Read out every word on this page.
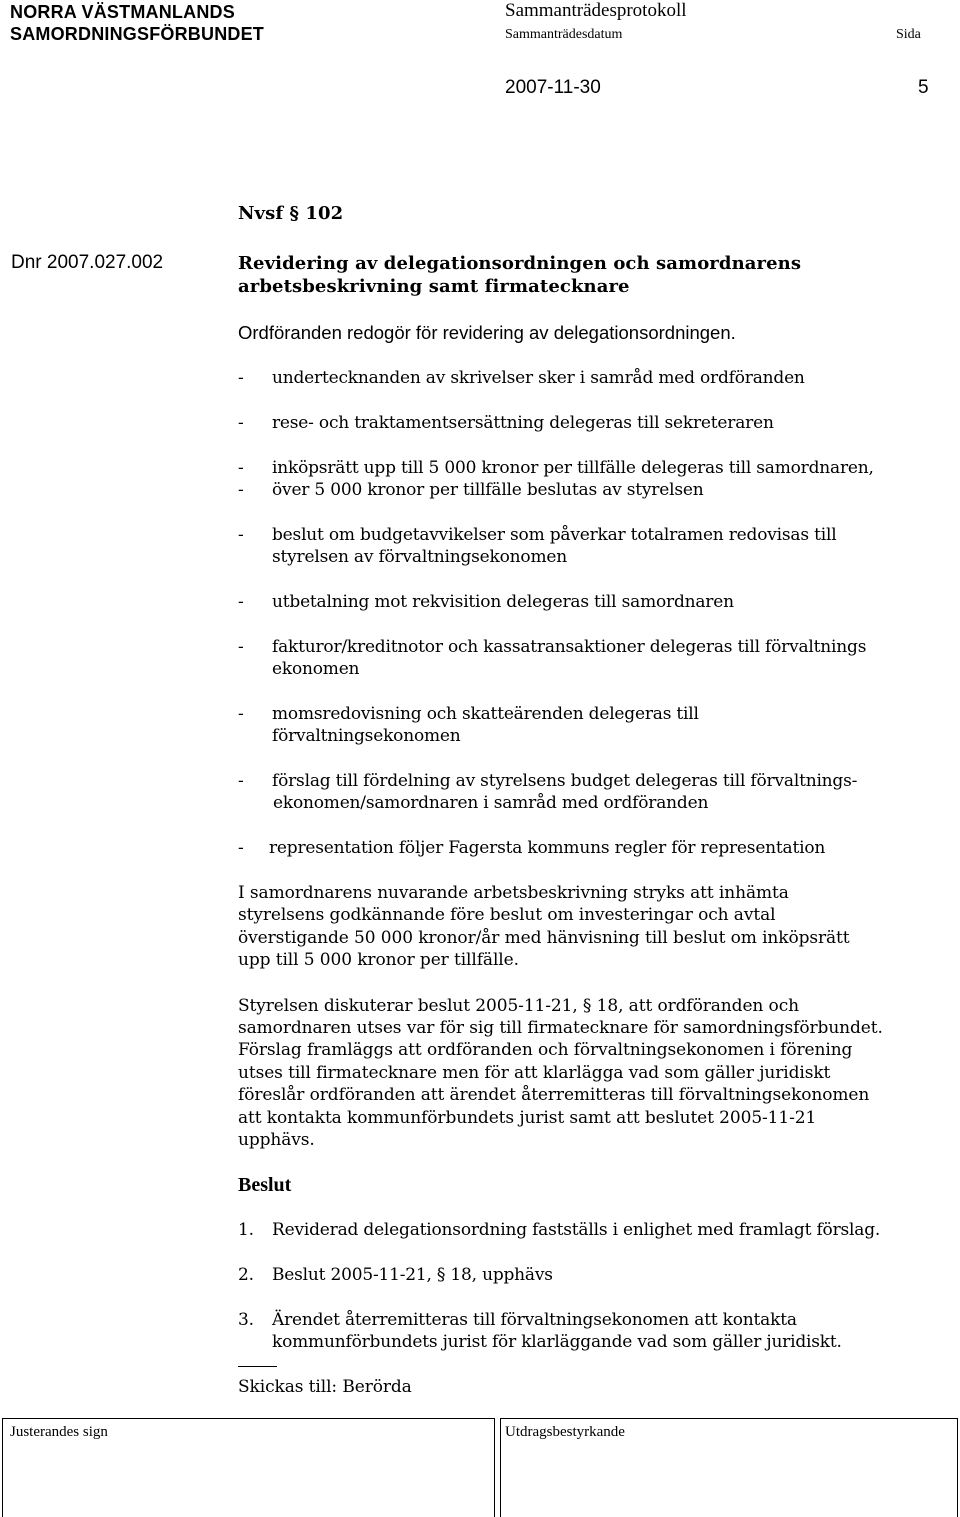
NORRA VÄSTMANLANDS
SAMORDNINGSFÖRBUNDET
Sammanträdesprotokoll
Sammanträdesdatum	Sida
2007-11-30	5
Nvsf § 102
Dnr 2007.027.002	Revidering av delegationsordningen och samordnarens
arbetsbeskrivning samt firmatecknare
Ordföranden redogör för revidering av delegationsordningen.
- undertecknanden av skrivelser sker i samråd med ordföranden
- rese- och traktamentsersättning delegeras till sekreteraren
- inköpsrätt upp till 5 000 kronor per tillfälle delegeras till samordnaren,
- över 5 000 kronor per tillfälle beslutas av styrelsen
- beslut om budgetavvikelser som påverkar totalramen redovisas till
styrelsen av förvaltningsekonomen
- utbetalning mot rekvisition delegeras till samordnaren
- fakturor/kreditnotor och kassatransaktioner delegeras till förvaltnings
ekonomen
- momsredovisning och skatteärenden delegeras till
förvaltningsekonomen
- förslag till fördelning av styrelsens budget delegeras till förvaltnings-
ekonomen/samordnaren i samråd med ordföranden
- representation följer Fagersta kommuns regler för representation
I samordnarens nuvarande arbetsbeskrivning stryks att inhämta
styrelsens godkännande före beslut om investeringar och avtal
överstigande 50 000 kronor/år med hänvisning till beslut om inköpsrätt
upp till 5 000 kronor per tillfälle.
Styrelsen diskuterar beslut 2005-11-21, § 18, att ordföranden och
samordnaren utses var för sig till firmatecknare för samordningsförbundet.
Förslag framläggs att ordföranden och förvaltningsekonomen i förening
utses till firmatecknare men för att klarlägga vad som gäller juridiskt
föreslår ordföranden att ärendet återremitteras till förvaltningsekonomen
att kontakta kommunförbundets jurist samt att beslutet 2005-11-21
upphävs.
Beslut
1. Reviderad delegationsordning fastställs i enlighet med framlagt förslag.
2. Beslut 2005-11-21, § 18, upphävs
3. Ärendet återremitteras till förvaltningsekonomen att kontakta
kommunförbundets jurist för klarläggande vad som gäller juridiskt.
Skickas till: Berörda
Justerandes sign	Utdragsbestyrkande
